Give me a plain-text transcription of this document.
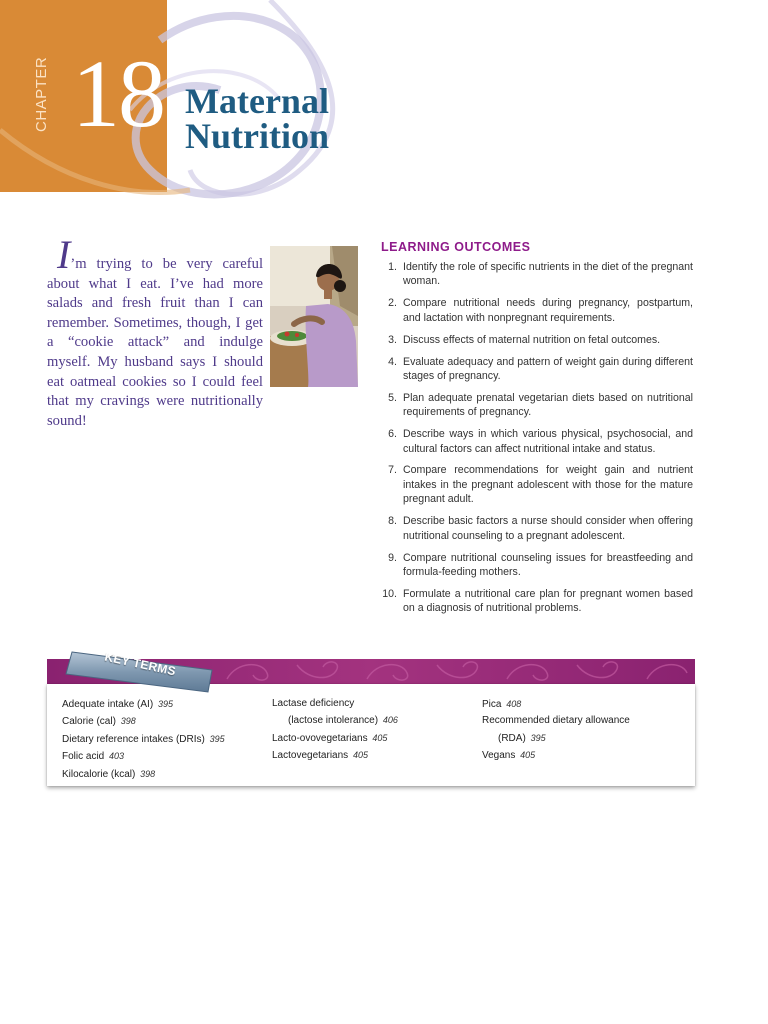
CHAPTER 18 Maternal
Nutrition
I’m trying to be very careful about what I eat. I’ve had more salads and fresh fruit than I can remember. Sometimes, though, I get a “cookie attack” and indulge myself. My husband says I should eat oatmeal cookies so I could feel that my cravings were nutritionally sound!
LEARNING OUTCOMES
1. Identify the role of specific nutrients in the diet of the pregnant woman.
2. Compare nutritional needs during pregnancy, postpartum, and lactation with nonpregnant requirements.
3. Discuss effects of maternal nutrition on fetal outcomes.
4. Evaluate adequacy and pattern of weight gain during different stages of pregnancy.
5. Plan adequate prenatal vegetarian diets based on nutritional requirements of pregnancy.
6. Describe ways in which various physical, psychosocial, and cultural factors can affect nutritional intake and status.
7. Compare recommendations for weight gain and nutrient intakes in the pregnant adolescent with those for the mature pregnant adult.
8. Describe basic factors a nurse should consider when offering nutritional counseling to a pregnant adolescent.
9. Compare nutritional counseling issues for breastfeeding and formula-feeding mothers.
10. Formulate a nutritional care plan for pregnant women based on a diagnosis of nutritional problems.
KEY TERMS
Adequate intake (AI) 395
Calorie (cal) 398
Dietary reference intakes (DRIs) 395
Folic acid 403
Kilocalorie (kcal) 398
Lactase deficiency
(lactose intolerance) 406
Lacto-ovovegetarians 405
Lactovegetarians 405
Pica 408
Recommended dietary allowance
(RDA) 395
Vegans 405
